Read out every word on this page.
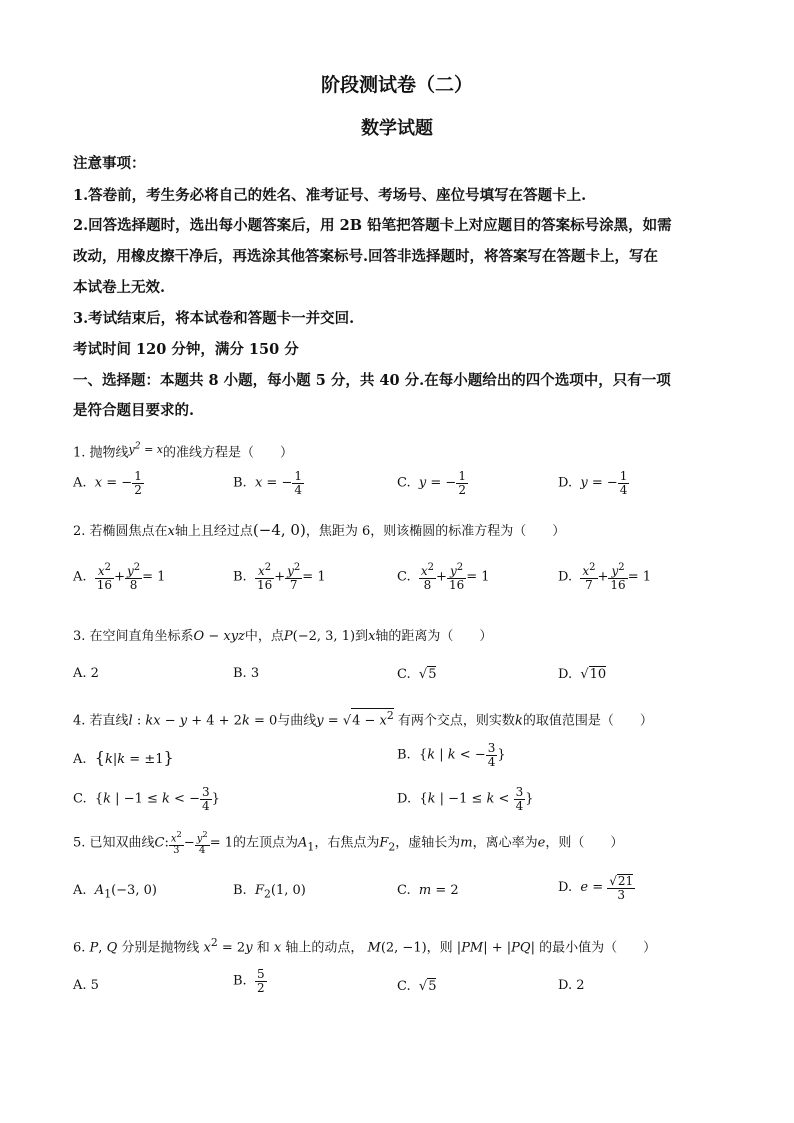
阶段测试卷（二）
数学试题
注意事项：
1.答卷前，考生务必将自己的姓名、准考证号、考场号、座位号填写在答题卡上.
2.回答选择题时，选出每小题答案后，用 2B 铅笔把答题卡上对应题目的答案标号涂黑，如需
改动，用橡皮擦干净后，再选涂其他答案标号.回答非选择题时，将答案写在答题卡上，写在
本试卷上无效.
3.考试结束后，将本试卷和答题卡一并交回.
考试时间 120 分钟，满分 150 分
一、选择题：本题共 8 小题，每小题 5 分，共 40 分.在每小题给出的四个选项中，只有一项
是符合题目要求的.
1. 抛物线$^{y^2 = x}$的准线方程是（　　）
A.  x = − $\frac{1}{2}$	B.  x = − $\frac{1}{4}$	C.  y = − $\frac{1}{2}$	D.  y = − $\frac{1}{4}$
2. 若椭圆焦点在x轴上且经过点(−4, 0)，焦距为 6，则该椭圆的标准方程为（　　）
A. $\frac{x^2}{16} + \frac{y^2}{8} = 1$	B. $\frac{x^2}{16} + \frac{y^2}{7} = 1$	C. $\frac{x^2}{8} + \frac{y^2}{16} = 1$	D. $\frac{x^2}{7} + \frac{y^2}{16} = 1$
3. 在空间直角坐标系O − xyz中，点P(−2, 3, 1)到x轴的距离为（　　）
A. 2	B. 3	C.  √5	D.  √10
4. 若直线l : kx − y + 4 + 2k = 0与曲线$y = √4 - x^2$ 有两个交点，则实数k的取值范围是（　　）
A.  {k|k = ±1}	B.  {k | k < − $\frac{3}{4}$ }
C.  {k | −1 ≤ k < − $\frac{3}{4}$ }	D.  {k | $-1 \le k < \frac{3}{4}$ }
5. 已知双曲线C: $\frac{x^2}{3} - \frac{y^2}{4} = 1$的左顶点为$A_1$，右焦点为$F_2$，虚轴长为m，离心率为e，则（　　）
A.  $A_1(-3$, 0)	B.  $F_2(1$, 0)	C.  m = 2	D.  $e = \frac{√21}{3}$
6. P, Q 分别是抛物线 $x^2 = 2y$ 和 x 轴上的动点， M(2, −1)，则 |PM| + |PQ| 的最小值为（　　）
A. 5	B. $\frac{5}{2}$	C.  √5	D. 2
